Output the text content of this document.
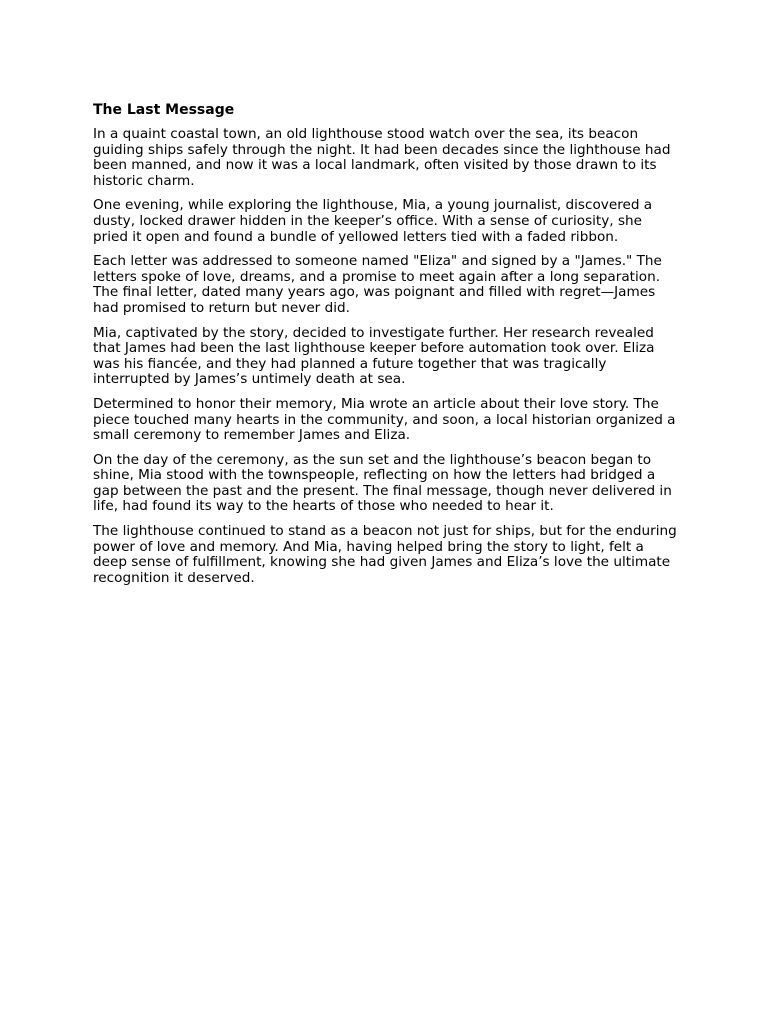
The Last Message

In a quaint coastal town, an old lighthouse stood watch over the sea, its beacon guiding ships safely through the night. It had been decades since the lighthouse had been manned, and now it was a local landmark, often visited by those drawn to its historic charm.

One evening, while exploring the lighthouse, Mia, a young journalist, discovered a dusty, locked drawer hidden in the keeper’s office. With a sense of curiosity, she pried it open and found a bundle of yellowed letters tied with a faded ribbon.

Each letter was addressed to someone named "Eliza" and signed by a "James." The letters spoke of love, dreams, and a promise to meet again after a long separation. The final letter, dated many years ago, was poignant and filled with regret—James had promised to return but never did.

Mia, captivated by the story, decided to investigate further. Her research revealed that James had been the last lighthouse keeper before automation took over. Eliza was his fiancée, and they had planned a future together that was tragically interrupted by James’s untimely death at sea.

Determined to honor their memory, Mia wrote an article about their love story. The piece touched many hearts in the community, and soon, a local historian organized a small ceremony to remember James and Eliza.

On the day of the ceremony, as the sun set and the lighthouse’s beacon began to shine, Mia stood with the townspeople, reflecting on how the letters had bridged a gap between the past and the present. The final message, though never delivered in life, had found its way to the hearts of those who needed to hear it.

The lighthouse continued to stand as a beacon not just for ships, but for the enduring power of love and memory. And Mia, having helped bring the story to light, felt a deep sense of fulfillment, knowing she had given James and Eliza’s love the ultimate recognition it deserved.
